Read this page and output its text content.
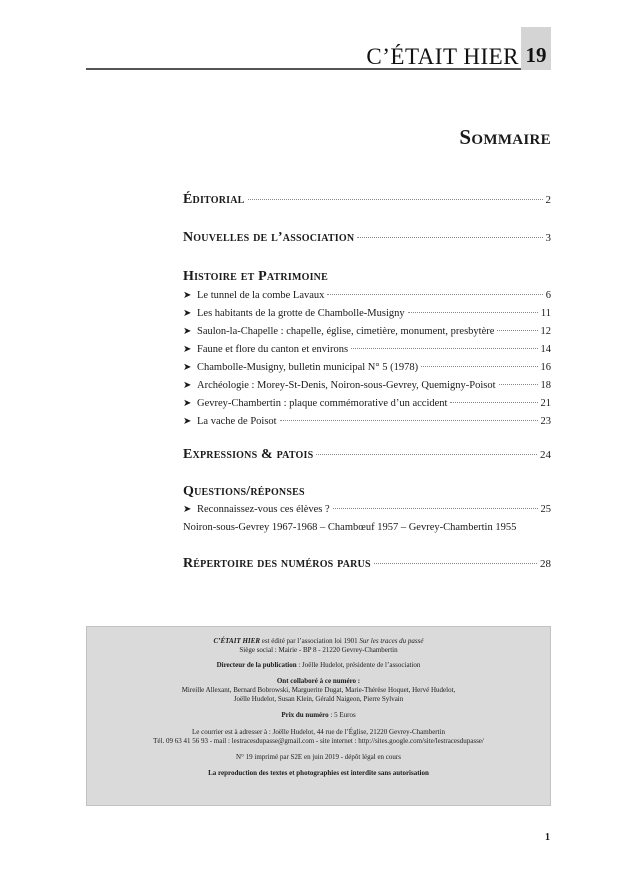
C’ÉTAIT HIER 19
Sommaire
Éditorial	2
Nouvelles de l’association	3
Histoire et Patrimoine
➤ Le tunnel de la combe Lavaux	6
➤ Les habitants de la grotte de Chambolle-Musigny	11
➤ Saulon-la-Chapelle : chapelle, église, cimetière, monument, presbytère	12
➤ Faune et flore du canton et environs	14
➤ Chambolle-Musigny, bulletin municipal N° 5 (1978)	16
➤ Archéologie : Morey-St-Denis, Noiron-sous-Gevrey, Quemigny-Poisot	18
➤ Gevrey-Chambertin : plaque commémorative d’un accident	21
➤ La vache de Poisot	23
Expressions & patois	24
Questions/réponses
➤ Reconnaissez-vous ces élèves ?	25
Noiron-sous-Gevrey 1967-1968 – Chambœuf 1957 – Gevrey-Chambertin 1955
Répertoire des numéros parus	28

C’ÉTAIT HIER est édité par l’association loi 1901 Sur les traces du passé

Siège social : Mairie - BP 8 - 21220 Gevrey-Chambertin

Directeur de la publication : Joëlle Hudelot, présidente de l’association

Ont collaboré à ce numéro :

Mireille Allexant, Bernard Bobrowski, Marguerite Dugat, Marie-Thérèse Hoquet, Hervé Hudelot,

Joëlle Hudelot, Susan Klein, Gérald Naigeon, Pierre Sylvain

Prix du numéro : 5 Euros

Le courrier est à adresser à : Joëlle Hudelot, 44 rue de l’Église, 21220 Gevrey-Chambertin

Tél. 09 63 41 56 93 - mail : lestracesdupasse@gmail.com - site internet : http://sites.google.com/site/lestracesdupasse/

N° 19 imprimé par S2E en juin 2019 - dépôt légal en cours

La reproduction des textes et photographies est interdite sans autorisation

1
